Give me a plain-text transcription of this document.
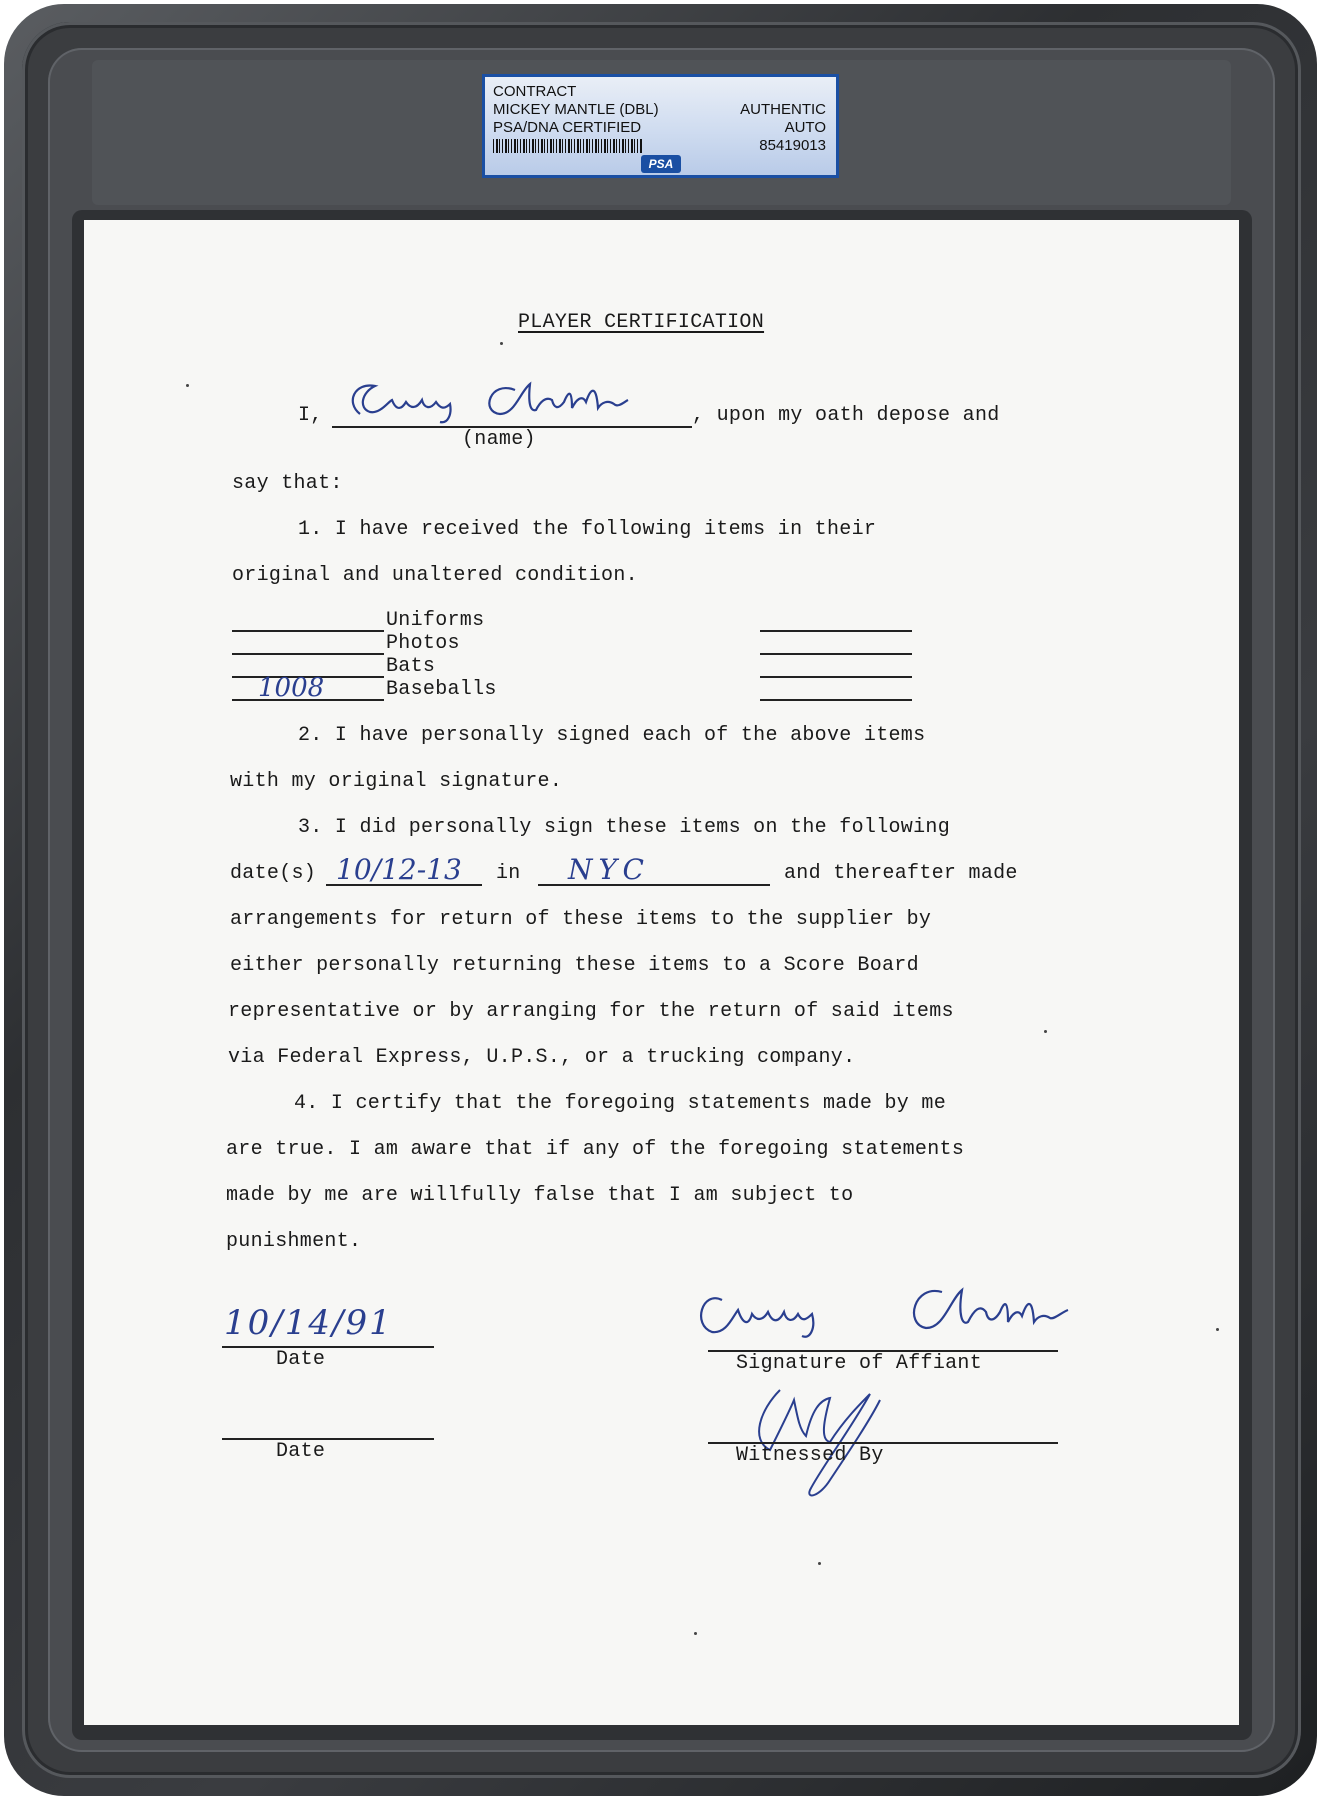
CONTRACT
MICKEY MANTLE (DBL)
PSA/DNA CERTIFIED
AUTHENTIC
AUTO
85419013
PSA
PLAYER CERTIFICATION
I,	, upon my oath depose and
(name)
say that:
1. I have received the following items in their
original and unaltered condition.
Uniforms
Photos
Bats
1008	Baseballs
2. I have personally signed each of the above items
with my original signature.
3. I did personally sign these items on the following
date(s) 10/12-13 in NYC	and thereafter made
arrangements for return of these items to the supplier by
either personally returning these items to a Score Board
representative or by arranging for the return of said items
via Federal Express, U.P.S., or a trucking company.
4. I certify that the foregoing statements made by me
are true. I am aware that if any of the foregoing statements
made by me are willfully false that I am subject to
punishment.
10/14/91
Date
Date
Signature of Affiant
Witnessed By
